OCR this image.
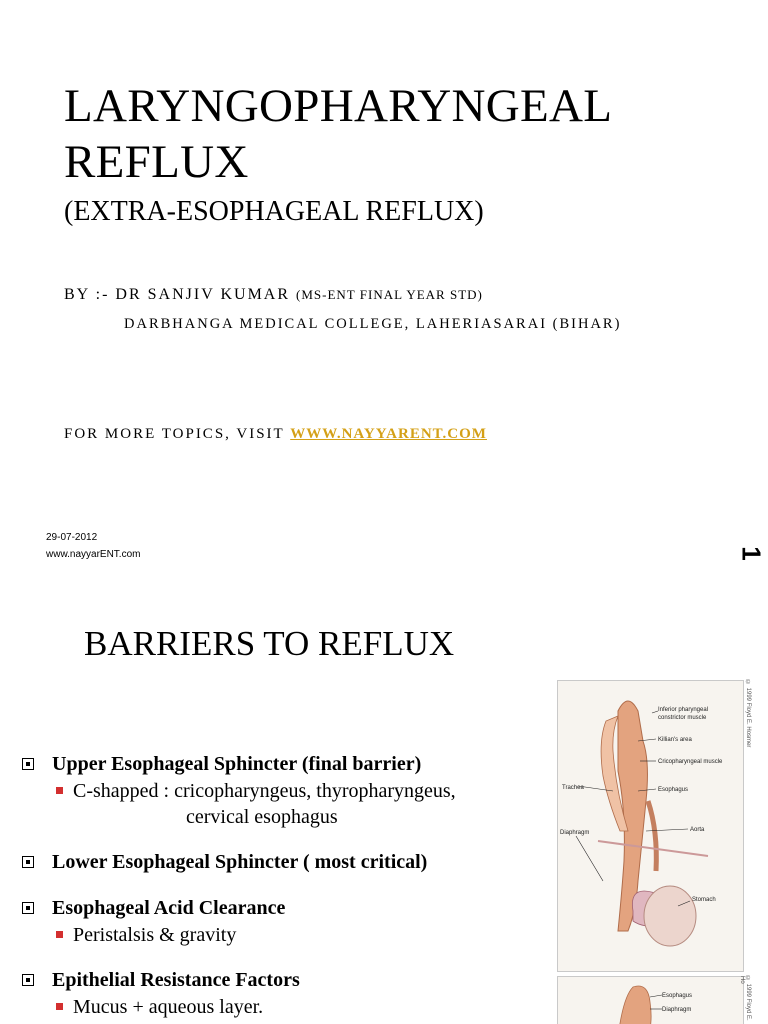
LARYNGOPHARYNGEAL
REFLUX
(EXTRA-ESOPHAGEAL REFLUX)
BY :- DR SANJIV KUMAR (MS-ENT FINAL YEAR STD)
DARBHANGA MEDICAL COLLEGE, LAHERIASARAI (BIHAR)
FOR MORE TOPICS, VISIT WWW.NAYYARENT.COM
29-07-2012
www.nayyarENT.com	1
BARRIERS TO REFLUX
Upper Esophageal Sphincter (final barrier)
C-shapped : cricopharyngeus, thyropharyngeus,
cervical esophagus
Lower Esophageal Sphincter ( most critical)
Esophageal Acid Clearance
Peristalsis & gravity
Epithelial Resistance Factors
Mucus + aqueous layer.
Inferior pharyngeal
constrictor muscle
Killian's area
Cricopharyngeal muscle
Trachea	Esophagus
Aorta
Diaphragm
Stomach
Esophagus
Diaphragm
© 1999 Floyd E. Hosmer
© 1999 Floyd E. Ho
